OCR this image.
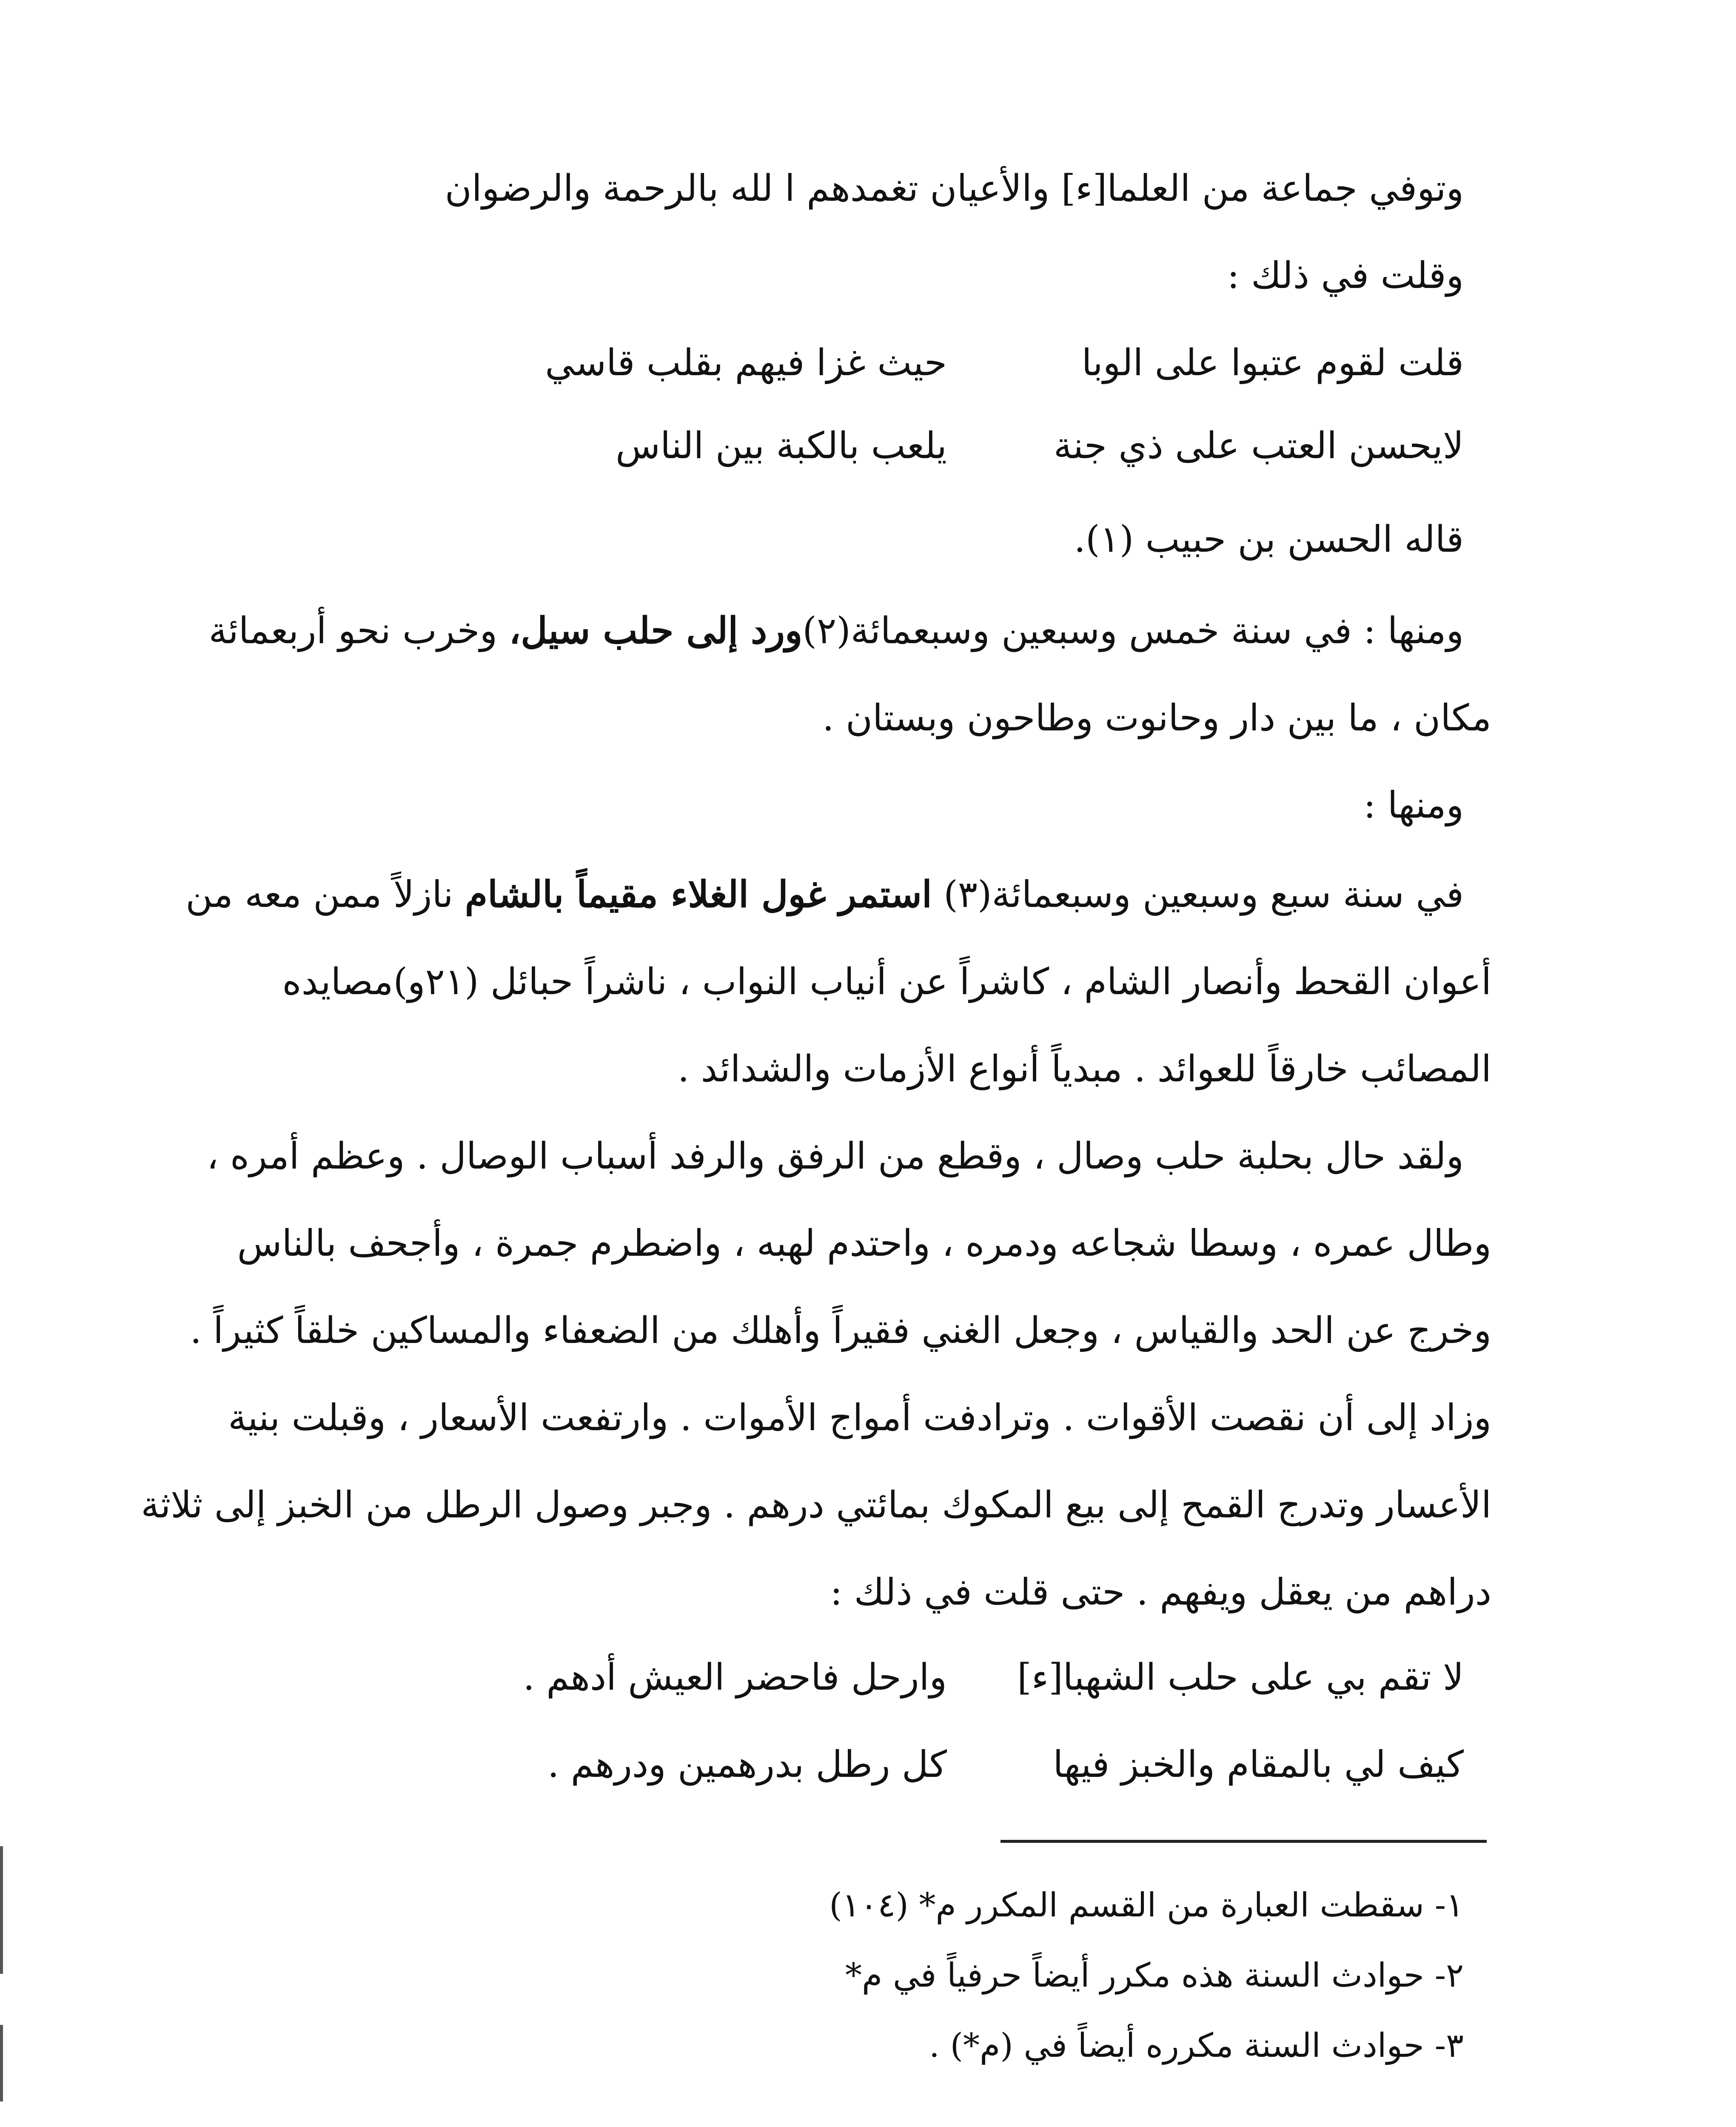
وتوفي جماعة من العلما[ء] والأعيان تغمدهم ا لله بالرحمة والرضوان
وقلت في ذلك :
قلت لقوم عتبوا على الوبا
حيث غزا فيهم بقلب قاسي
لايحسن العتب على ذي جنة
يلعب بالكبة بين الناس
قاله الحسن بن حبيب (١).
ومنها : في سنة خمس وسبعين وسبعمائة(٢)ورد إلى حلب سيل، وخرب نحو أربعمائة
مكان ، ما بين دار وحانوت وطاحون وبستان .
ومنها :
في سنة سبع وسبعين وسبعمائة(٣) استمر غول الغلاء مقيماً بالشام نازلاً ممن معه من
أعوان القحط وأنصار الشام ، كاشراً عن أنياب النواب ، ناشراً حبائل (٢١و)مصايده
المصائب خارقاً للعوائد . مبدياً أنواع الأزمات والشدائد .
ولقد حال بحلبة حلب وصال ، وقطع من الرفق والرفد أسباب الوصال . وعظم أمره ،
وطال عمره ، وسطا شجاعه ودمره ، واحتدم لهبه ، واضطرم جمرة ، وأجحف بالناس
وخرج عن الحد والقياس ، وجعل الغني فقيراً وأهلك من الضعفاء والمساكين خلقاً كثيراً .
وزاد إلى أن نقصت الأقوات . وترادفت أمواج الأموات . وارتفعت الأسعار ، وقبلت بنية
الأعسار وتدرج القمح إلى بيع المكوك بمائتي درهم . وجبر وصول الرطل من الخبز إلى ثلاثة
دراهم من يعقل ويفهم . حتى قلت في ذلك :
لا تقم بي على حلب الشهبا[ء]
وارحل فاحضر العيش أدهم .
كيف لي بالمقام والخبز فيها
كل رطل بدرهمين ودرهم .
١- سقطت العبارة من القسم المكرر م* (١٠٤)
٢- حوادث السنة هذه مكرر أيضاً حرفياً في م*
٣- حوادث السنة مكرره أيضاً في (م*) .
